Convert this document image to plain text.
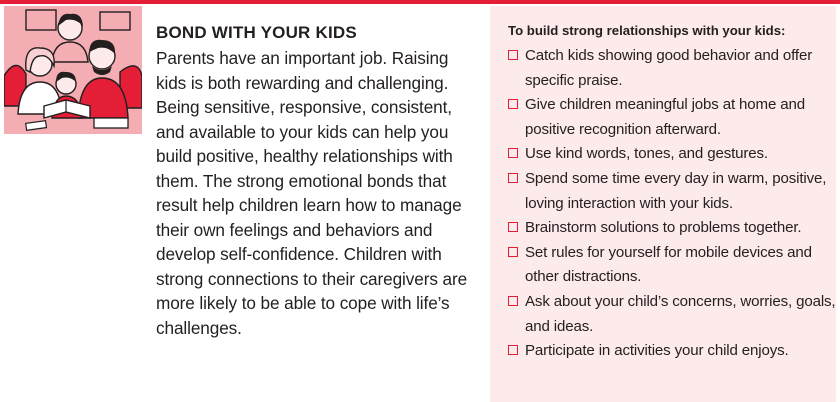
BOND WITH YOUR KIDS

Parents have an important job. Raising kids is both rewarding and challenging. Being sensitive, responsive, consistent, and available to your kids can help you build positive, healthy relationships with them. The strong emotional bonds that result help children learn how to manage their own feelings and behaviors and develop self-confidence. Children with strong connections to their caregivers are more likely to be able to cope with life’s challenges.

To build strong relationships with your kids:
Catch kids showing good behavior and offer specific praise.
Give children meaningful jobs at home and positive recognition afterward.
Use kind words, tones, and gestures.
Spend some time every day in warm, positive, loving interaction with your kids.
Brainstorm solutions to problems together.
Set rules for yourself for mobile devices and other distractions.
Ask about your child’s concerns, worries, goals, and ideas.
Participate in activities your child enjoys.
